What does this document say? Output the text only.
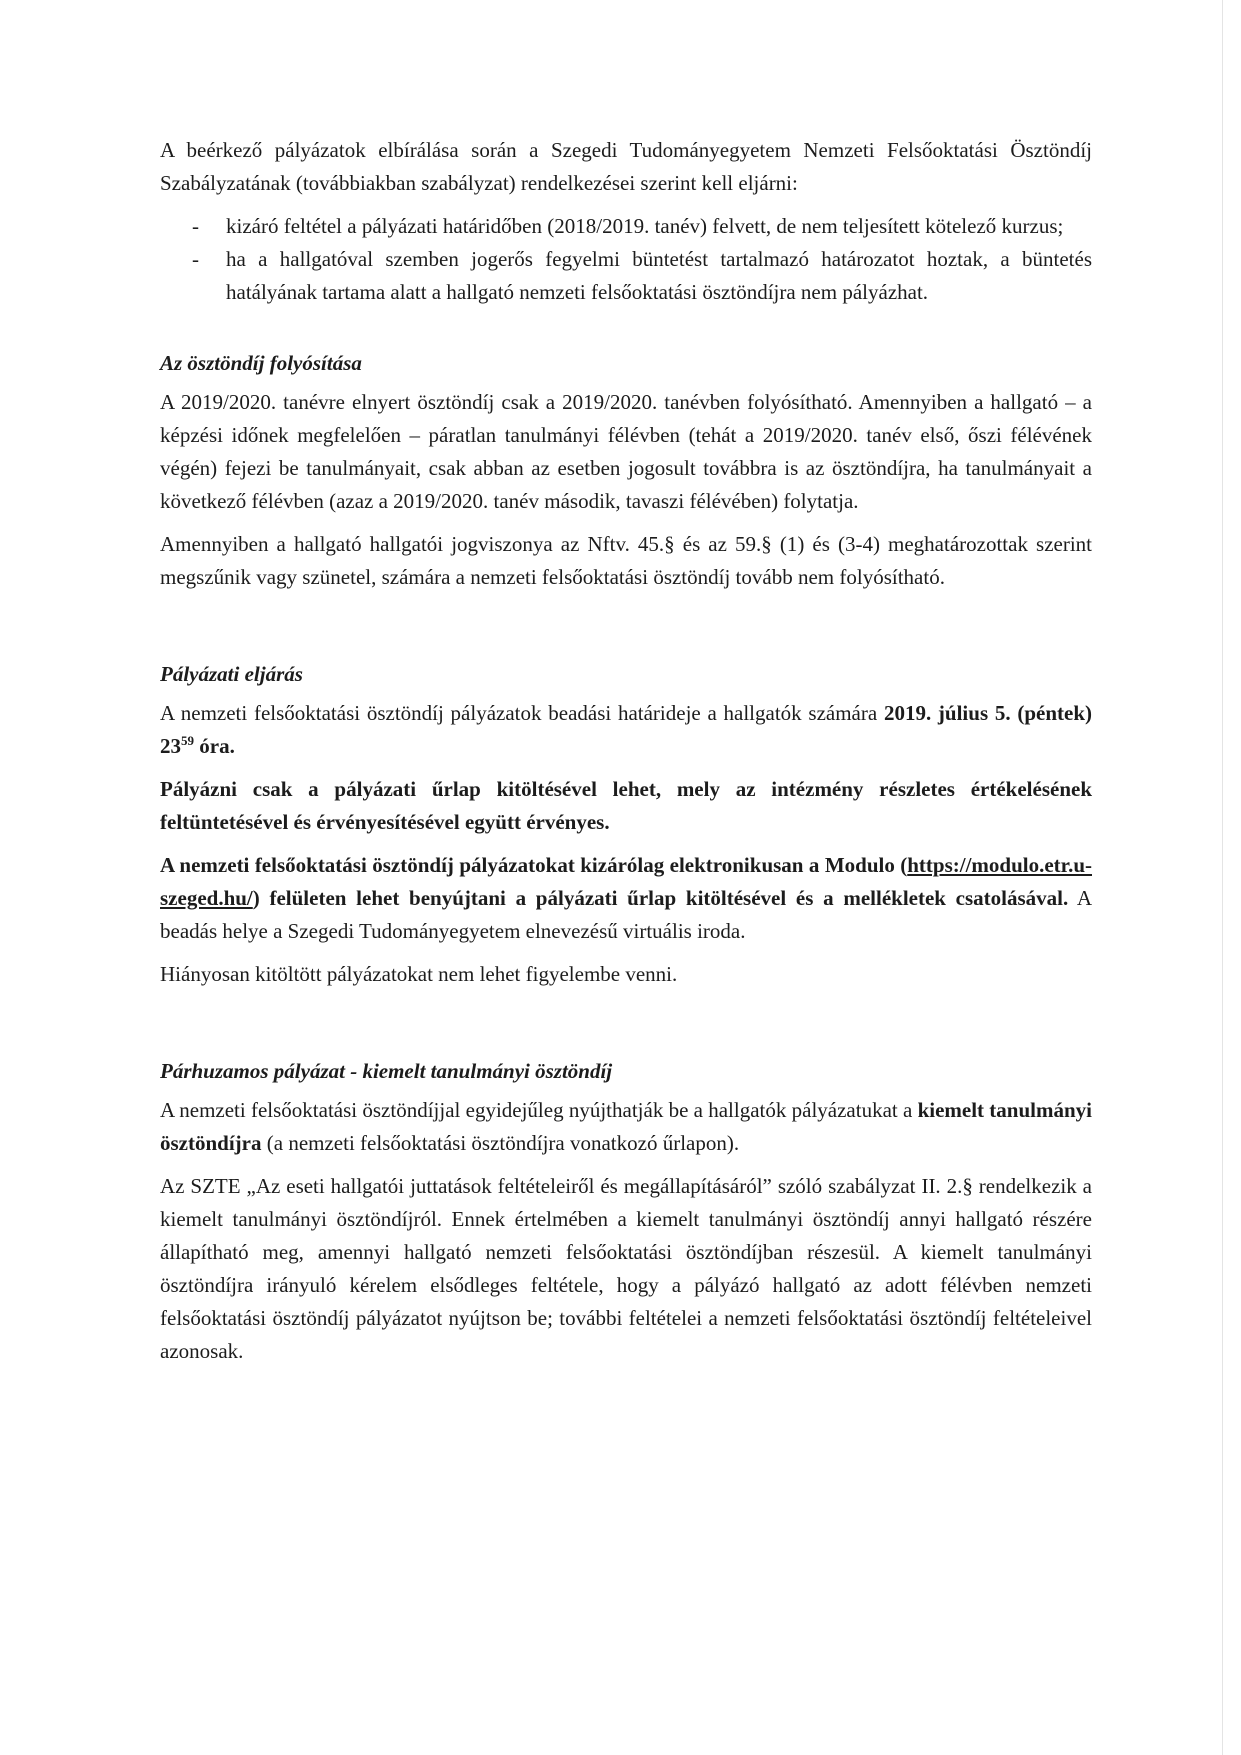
A beérkező pályázatok elbírálása során a Szegedi Tudományegyetem Nemzeti Felsőoktatási Ösztöndíj Szabályzatának (továbbiakban szabályzat) rendelkezései szerint kell eljárni:

- kizáró feltétel a pályázati határidőben (2018/2019. tanév) felvett, de nem teljesített kötelező kurzus;
- ha a hallgatóval szemben jogerős fegyelmi büntetést tartalmazó határozatot hoztak, a büntetés hatályának tartama alatt a hallgató nemzeti felsőoktatási ösztöndíjra nem pályázhat.
Az ösztöndíj folyósítása

A 2019/2020. tanévre elnyert ösztöndíj csak a 2019/2020. tanévben folyósítható. Amennyiben a hallgató – a képzési időnek megfelelően – páratlan tanulmányi félévben (tehát a 2019/2020. tanév első, őszi félévének végén) fejezi be tanulmányait, csak abban az esetben jogosult továbbra is az ösztöndíjra, ha tanulmányait a következő félévben (azaz a 2019/2020. tanév második, tavaszi félévében) folytatja.

Amennyiben a hallgató hallgatói jogviszonya az Nftv. 45.§ és az 59.§ (1) és (3-4) meghatározottak szerint megszűnik vagy szünetel, számára a nemzeti felsőoktatási ösztöndíj tovább nem folyósítható.

Pályázati eljárás

A nemzeti felsőoktatási ösztöndíj pályázatok beadási határideje a hallgatók számára 2019. július 5. (péntek) $23^{59}$ óra.

Pályázni csak a pályázati űrlap kitöltésével lehet, mely az intézmény részletes értékelésének feltüntetésével és érvényesítésével együtt érvényes.

A nemzeti felsőoktatási ösztöndíj pályázatokat kizárólag elektronikusan a Modulo (https://modulo.etr.u-szeged.hu/) felületen lehet benyújtani a pályázati űrlap kitöltésével és a mellékletek csatolásával. A beadás helye a Szegedi Tudományegyetem elnevezésű virtuális iroda.

Hiányosan kitöltött pályázatokat nem lehet figyelembe venni.

Párhuzamos pályázat - kiemelt tanulmányi ösztöndíj

A nemzeti felsőoktatási ösztöndíjjal egyidejűleg nyújthatják be a hallgatók pályázatukat a kiemelt tanulmányi ösztöndíjra (a nemzeti felsőoktatási ösztöndíjra vonatkozó űrlapon).

Az SZTE „Az eseti hallgatói juttatások feltételeiről és megállapításáról” szóló szabályzat II. 2.§ rendelkezik a kiemelt tanulmányi ösztöndíjról. Ennek értelmében a kiemelt tanulmányi ösztöndíj annyi hallgató részére állapítható meg, amennyi hallgató nemzeti felsőoktatási ösztöndíjban részesül. A kiemelt tanulmányi ösztöndíjra irányuló kérelem elsődleges feltétele, hogy a pályázó hallgató az adott félévben nemzeti felsőoktatási ösztöndíj pályázatot nyújtson be; további feltételei a nemzeti felsőoktatási ösztöndíj feltételeivel azonosak.
